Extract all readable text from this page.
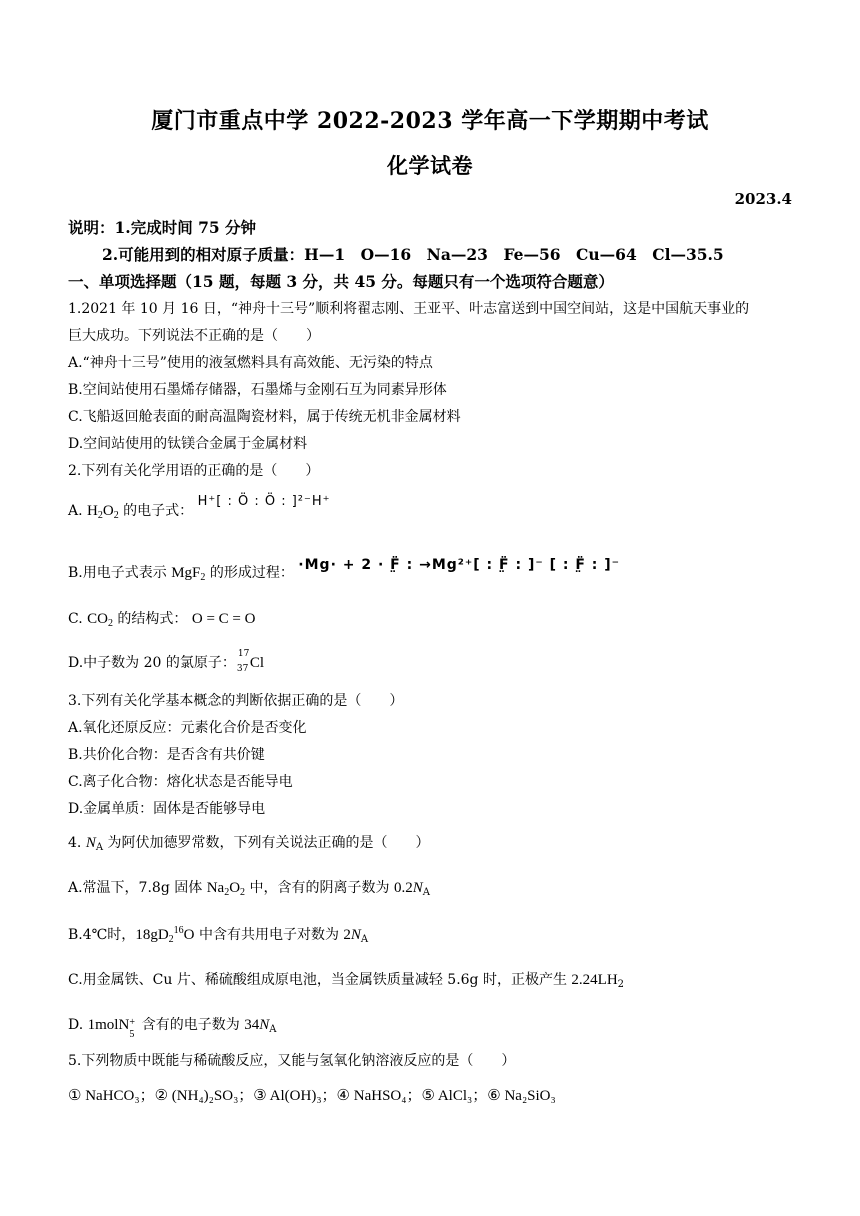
厦门市重点中学 2022-2023 学年高一下学期期中考试
化学试卷
2023.4
说明：1.完成时间 75 分钟
2.可能用到的相对原子质量：H—1　O—16　Na—23　Fe—56　Cu—64　Cl—35.5
一、单项选择题（15 题，每题 3 分，共 45 分。每题只有一个选项符合题意）
1.2021 年 10 月 16 日，“神舟十三号”顺利将翟志刚、王亚平、叶志富送到中国空间站，这是中国航天事业的
巨大成功。下列说法不正确的是（　　）
A.“神舟十三号”使用的液氢燃料具有高效能、无污染的特点
B.空间站使用石墨烯存储器，石墨烯与金刚石互为同素异形体
C.飞船返回舱表面的耐高温陶瓷材料，属于传统无机非金属材料
D.空间站使用的钛镁合金属于金属材料
2.下列有关化学用语的正确的是（　　）
A. $H_2O_2$ 的电子式： H⁺[ : Ö : Ö : ]²⁻H⁺
B.用电子式表示 MgF$_2$ 的形成过程： ·Mg· + 2 · F̤̈ : →Mg²⁺[ : F̤̈ : ]⁻ [ : F̤̈ : ]⁻
C. $CO_2$ 的结构式： O = C = O
D.中子数为 20 的氯原子：
17
37 Cl
3.下列有关化学基本概念的判断依据正确的是（　　）
A.氧化还原反应：元素化合价是否变化
B.共价化合物：是否含有共价键
C.离子化合物：熔化状态是否能导电
D.金属单质：固体是否能够导电
4. $N_A$ 为阿伏加德罗常数，下列有关说法正确的是（　　）
A.常温下，7.8g 固体 $Na_2O_2$ 中，含有的阴离子数为 $0.2N_A$
B.4℃时，$18gD_2^{16}O$ 中含有共用电子对数为 $2N_A$
C.用金属铁、Cu 片、稀硫酸组成原电池，当金属铁质量减轻 5.6g 时，正极产生 $2.24LH_2$
D. 1molN +
5
含有的电子数为 $34N_A$
5.下列物质中既能与稀硫酸反应，又能与氢氧化钠溶液反应的是（　　）
① NaHCO₃；② (NH₄)₂SO₃；③ Al(OH)₃；④ NaHSO₄；⑤ AlCl₃；⑥ Na₂SiO₃
